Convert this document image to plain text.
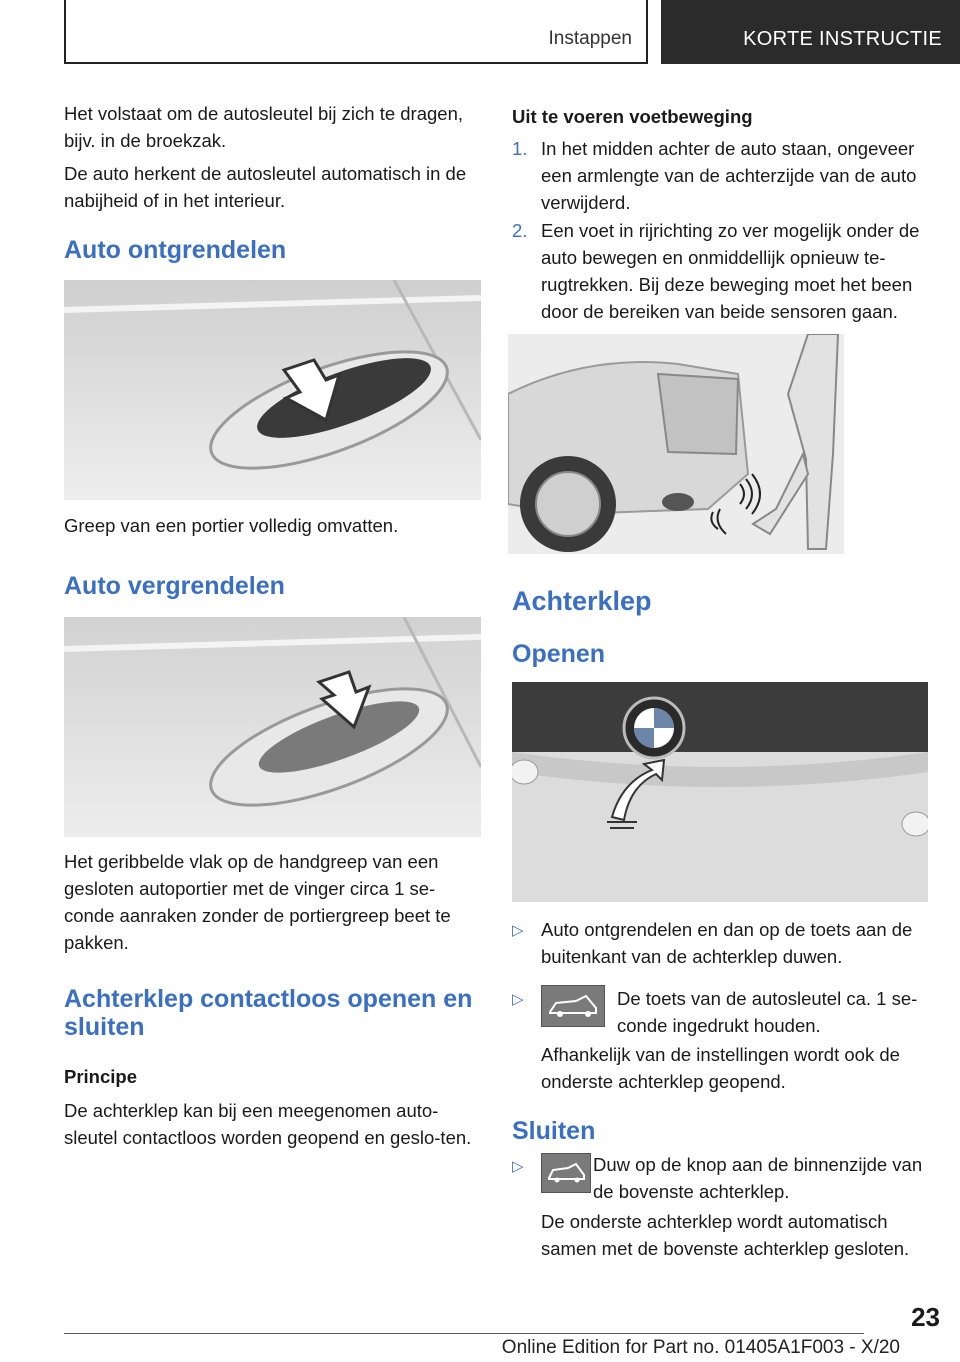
Instappen	KORTE INSTRUCTIE

Het volstaat om de autosleutel bij zich te dragen, bijv. in de broekzak.

De auto herkent de autosleutel automatisch in de nabijheid of in het interieur.

Auto ontgrendelen

Greep van een portier volledig omvatten.

Auto vergrendelen

Het geribbelde vlak op de handgreep van een gesloten autoportier met de vinger circa 1 se-conde aanraken zonder de portiergreep beet te pakken.

Achterklep contactloos openen en sluiten
Principe

De achterklep kan bij een meegenomen auto-sleutel contactloos worden geopend en geslo-ten.

Uit te voeren voetbeweging
1. In het midden achter de auto staan, ongeveer een armlengte van de achterzijde van de auto verwijderd.
2. Een voet in rijrichting zo ver mogelijk onder de auto bewegen en onmiddellijk opnieuw te-rugtrekken. Bij deze beweging moet het been door de bereiken van beide sensoren gaan.
Achterklep
Openen
▷ Auto ontgrendelen en dan op de toets aan de buitenkant van de achterklep duwen.
▷	De toets van de autosleutel ca. 1 se-conde ingedrukt houden.

Afhankelijk van de instellingen wordt ook de onderste achterklep geopend.

Sluiten
▷	Duw op de knop aan de binnenzijde van de bovenste achterklep.

De onderste achterklep wordt automatisch samen met de bovenste achterklep gesloten.

23
Online Edition for Part no. 01405A1F003 - X/20
